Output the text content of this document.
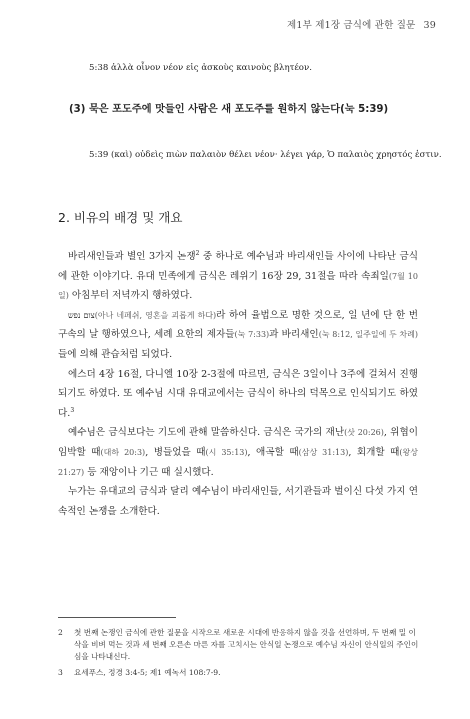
제1부 제1장 금식에 관한 질문 39
5:38 ἀλλὰ οἶνον νέον εἰς ἀσκοὺς καινοὺς βλητέον.
(3) 묵은 포도주에 맛들인 사람은 새 포도주를 원하지 않는다(눅 5:39)
5:39 (καὶ) οὐδεὶς πιὼν παλαιὸν θέλει νέον· λέγει γάρ, Ὁ παλαιὸς χρηστός ἐστιν.
2. 비유의 배경 및 개요

바리새인들과 별인 3가지 논쟁$^2$ 중 하나로 예수님과 바리새인들 사이에 나타난 금식에 관한 이야기다. 유대 민족에게 금식은 레위기 16장 29, 31절을 따라 속죄일(7월 10일) 아침부터 저녁까지 행하였다.

צום נפש(아나 네페쉬, 영혼을 괴롭게 하다)라 하여 율법으로 명한 것으로, 일 년에 단 한 번 구속의 날 행하였으나, 세례 요한의 제자들(눅 7:33)과 바리새인(눅 8:12, 일주일에 두 차례)들에 의해 관습처럼 되었다.

에스더 4장 16절, 다니엘 10장 2-3절에 따르면, 금식은 3일이나 3주에 걸쳐서 진행되기도 하였다. 또 예수님 시대 유대교에서는 금식이 하나의 덕목으로 인식되기도 하였다.$^3$

예수님은 금식보다는 기도에 관해 말씀하신다. 금식은 국가의 재난(삿 20:26), 위협이 임박할 때(대하 20:3), 병들었을 때(시 35:13), 애곡할 때(삼상 31:13), 회개할 때(왕상 21:27) 등 재앙이나 기근 때 실시했다.

누가는 유대교의 금식과 달리 예수님이 바리새인들, 서기관들과 벌이신 다섯 가지 연속적인 논쟁을 소개한다.

2	첫 번째 논쟁인 금식에 관한 질문을 시작으로 새로운 시대에 반응하지 않을 것을 선언하며, 두 번째 밀 이삭을 비벼 먹는 것과 세 번째 오른손 마른 자를 고치시는 안식일 논쟁으로 예수님 자신이 안식일의 주인이심을 나타내신다.
3	요세푸스, 정경 3:4-5; 제1 예녹서 108:7-9.
